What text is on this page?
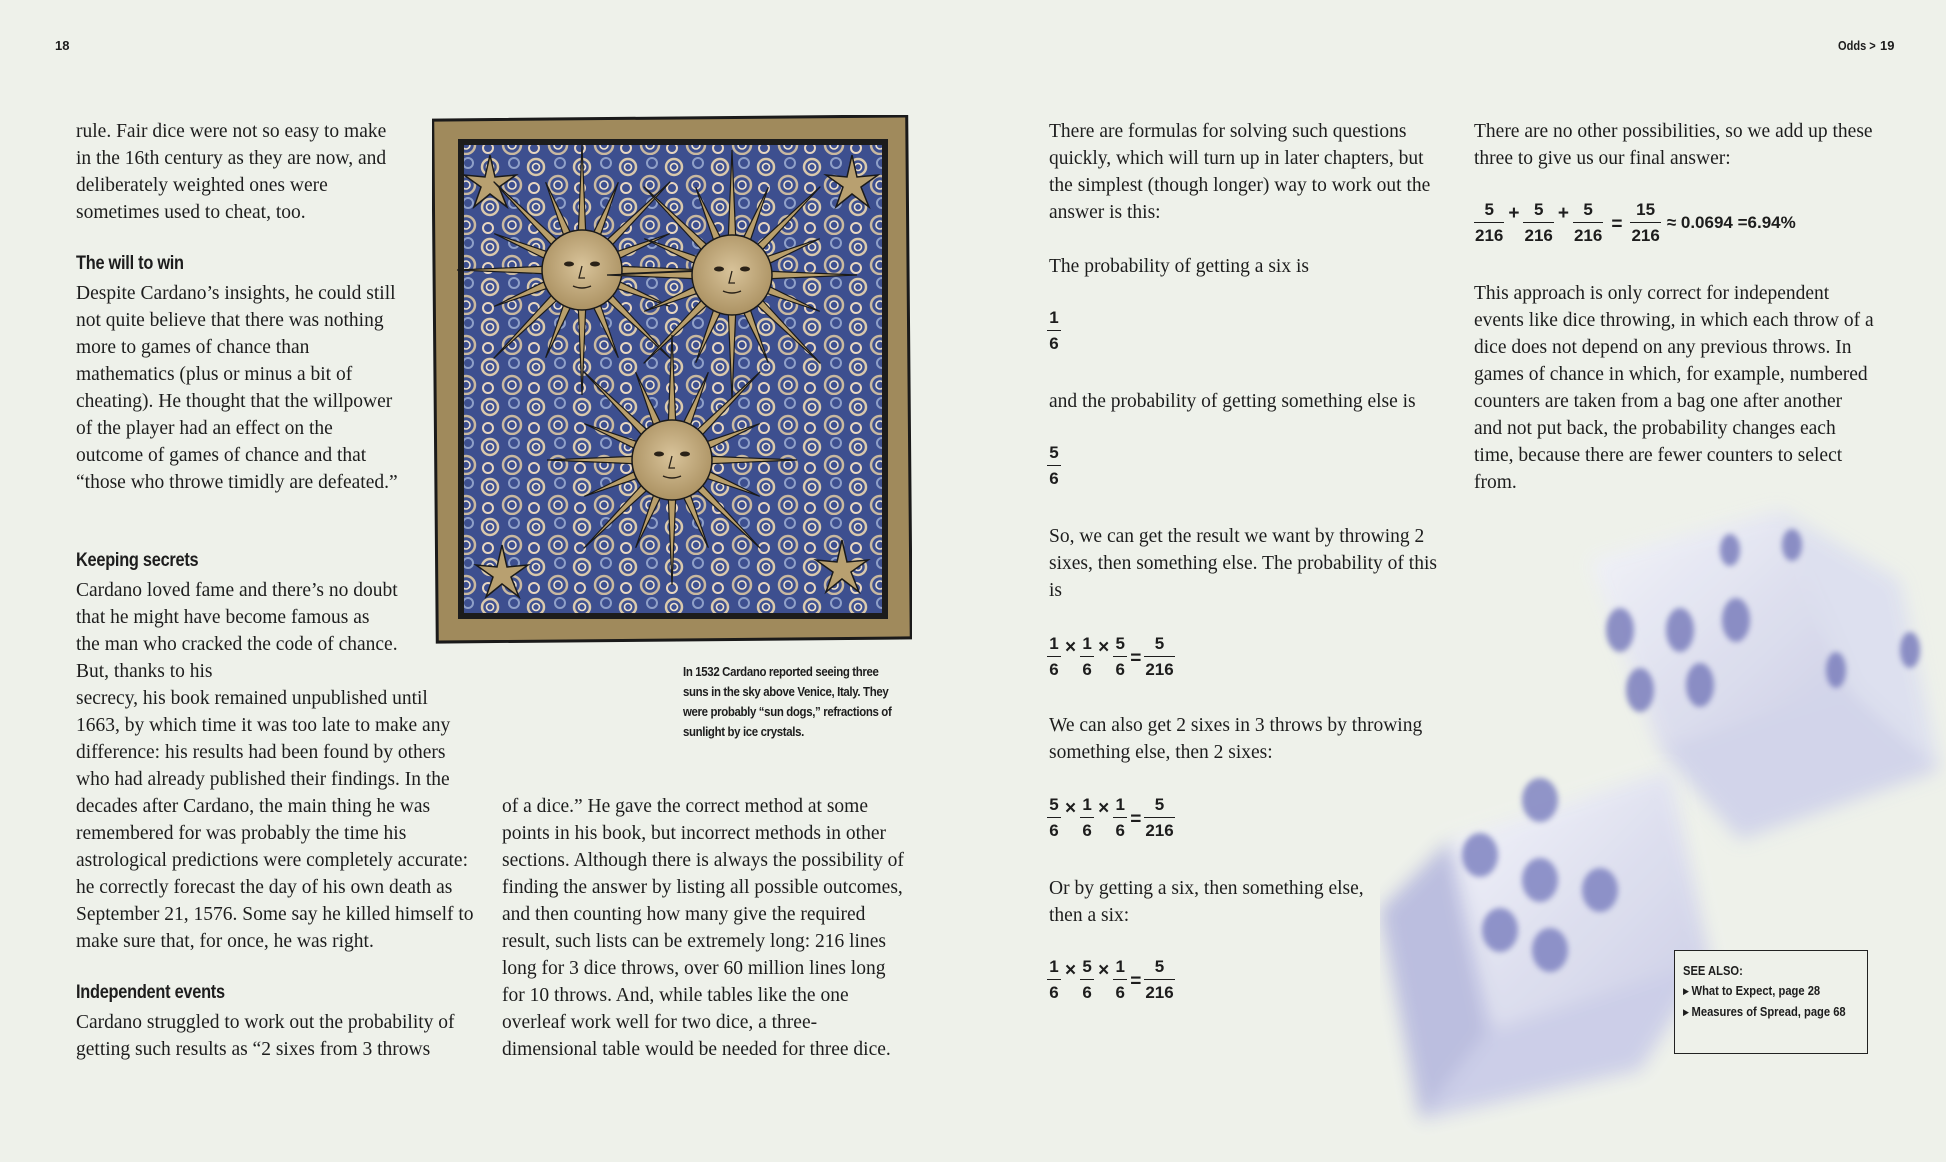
18	Odds > 19

rule. Fair dice were not so easy to make in the 16th century as they are now, and deliberately weighted ones were sometimes used to cheat, too.

The will to win

Despite Cardano’s insights, he could still not quite believe that there was nothing more to games of chance than mathematics (plus or minus a bit of cheating). He thought that the willpower of the player had an effect on the outcome of games of chance and that “those who throwe timidly are defeated.”

Keeping secrets

Cardano loved fame and there’s no doubt that he might have become famous as the man who cracked the code of chance. But, thanks to his

secrecy, his book remained unpublished until 1663, by which time it was too late to make any difference: his results had been found by others who had already published their findings. In the decades after Cardano, the main thing he was remembered for was probably the time his astrological predictions were completely accurate: he correctly forecast the day of his own death as September 21, 1576. Some say he killed himself to make sure that, for once, he was right.

Independent events

Cardano struggled to work out the probability of getting such results as “2 sixes from 3 throws

of a dice.” He gave the correct method at some points in his book, but incorrect methods in other sections. Although there is always the possibility of finding the answer by listing all possible outcomes, and then counting how many give the required result, such lists can be extremely long: 216 lines long for 3 dice throws, over 60 million lines long for 10 throws. And, while tables like the one overleaf work well for two dice, a three-dimensional table would be needed for three dice.

In 1532 Cardano reported seeing three suns in the sky above Venice, Italy. They were probably “sun dogs,” refractions of sunlight by ice crystals.

There are formulas for solving such questions quickly, which will turn up in later chapters, but the simplest (though longer) way to work out the answer is this:

The probability of getting a six is

$\frac{1}{6}$

and the probability of getting something else is

$\frac{5}{6}$

So, we can get the result we want by throwing 2 sixes, then something else. The probability of this is

$\frac{1}{6} \times \frac{1}{6} \times \frac{5}{6} = \frac{5}{216}$

We can also get 2 sixes in 3 throws by throwing something else, then 2 sixes:

$\frac{5}{6} \times \frac{1}{6} \times \frac{1}{6} = \frac{5}{216}$

Or by getting a six, then something else, then a six:

$\frac{1}{6} \times \frac{5}{6} \times \frac{1}{6} = \frac{5}{216}$

There are no other possibilities, so we add up these three to give us our final answer:

$\frac{5}{216} + \frac{5}{216} + \frac{5}{216} = \frac{15}{216} \approx 0.0694 =6.94\%$

This approach is only correct for independent events like dice throwing, in which each throw of a dice does not depend on any previous throws. In games of chance in which, for example, numbered counters are taken from a bag one after another and not put back, the probability changes each time, because there are fewer counters to select from.

SEE ALSO:
▶ What to Expect, page 28
▶ Measures of Spread, page 68
